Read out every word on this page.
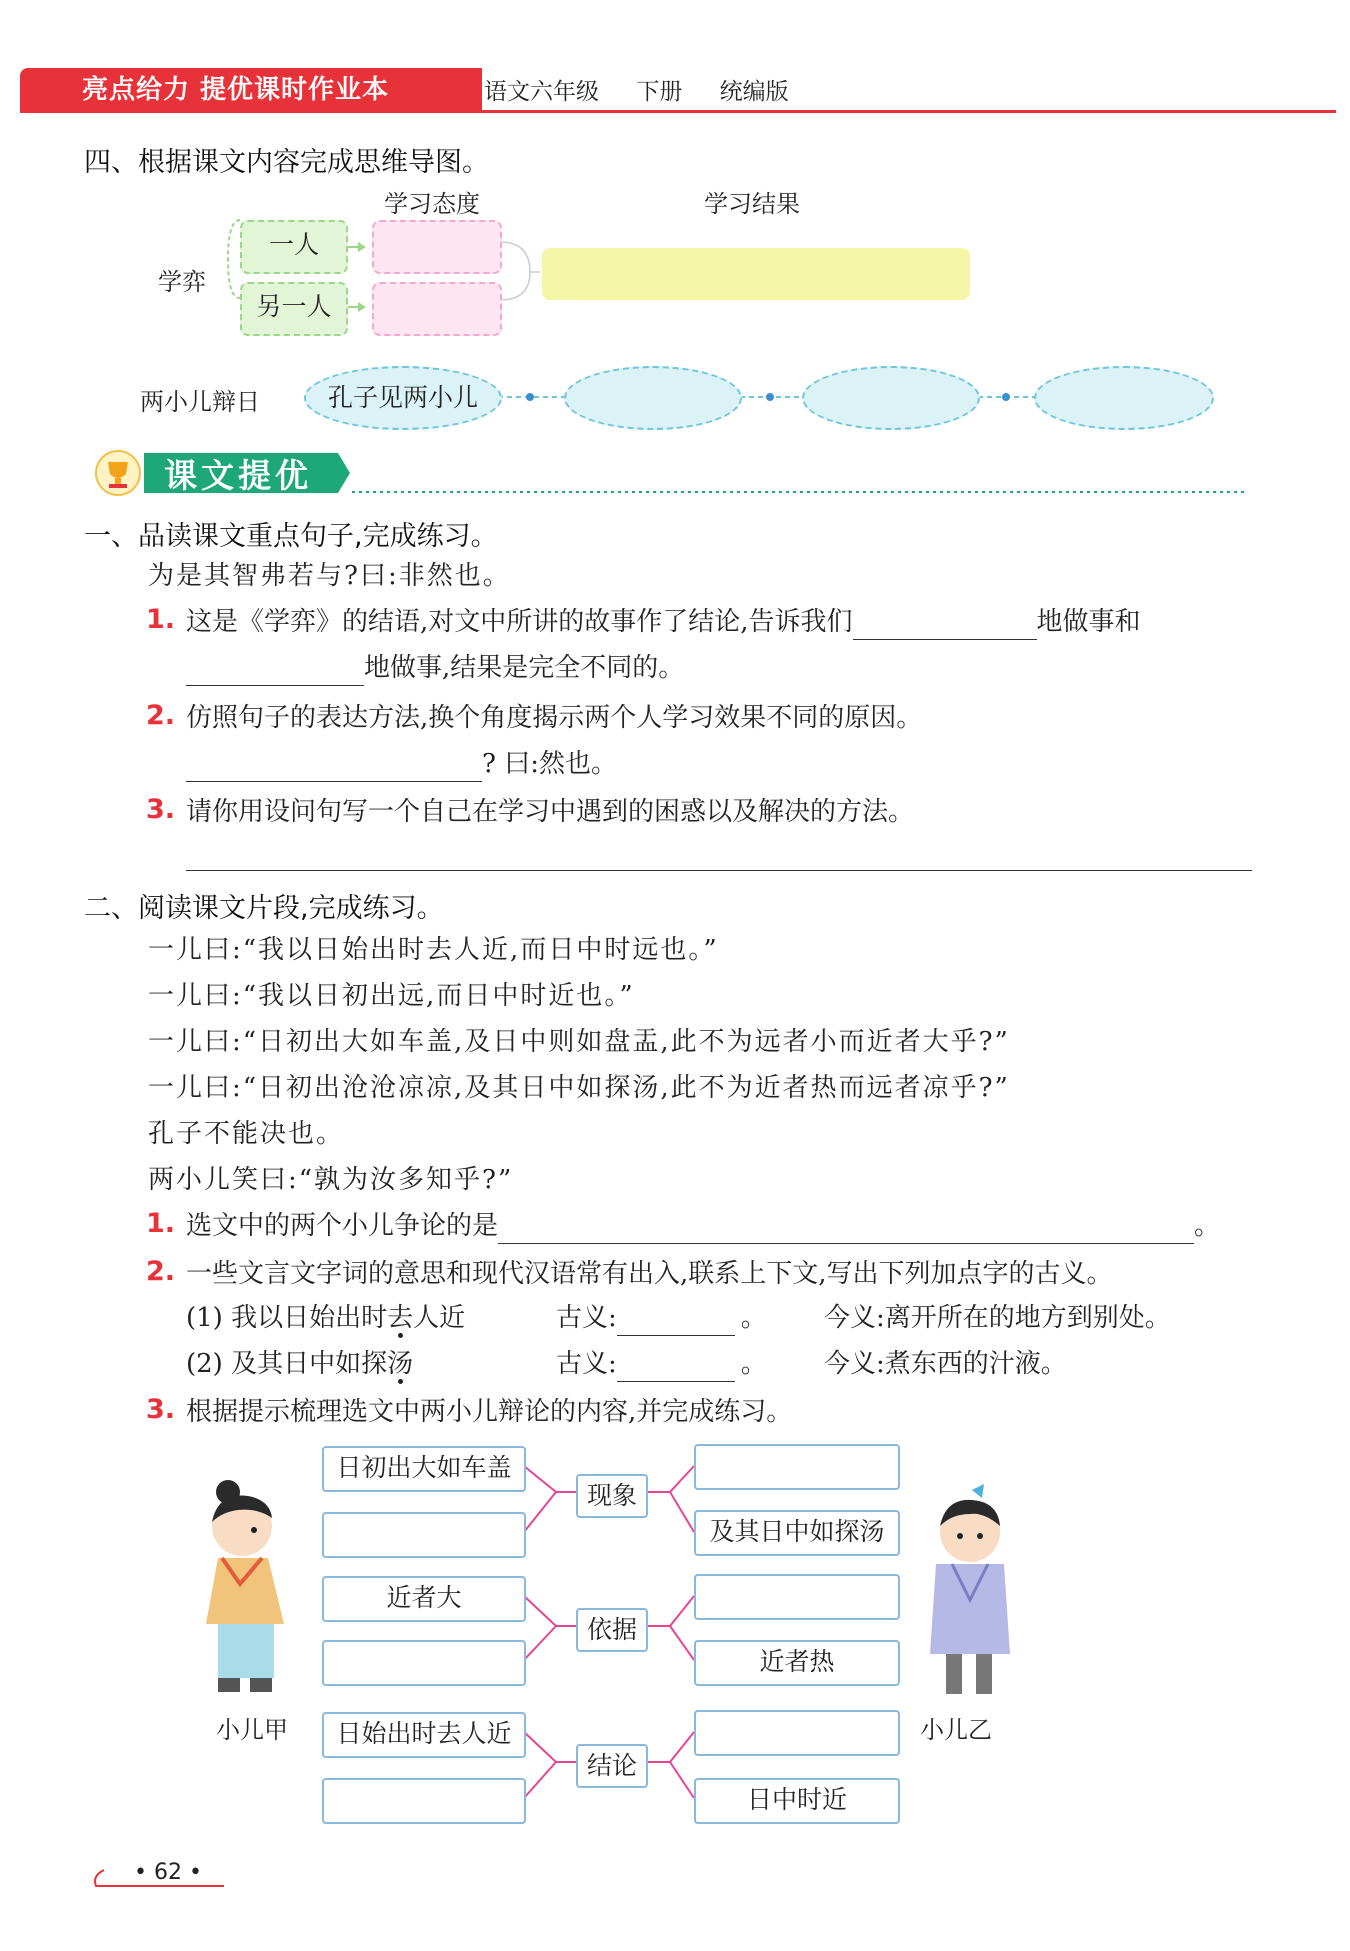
亮点给力 提优课时作业本	语文六年级 下册 统编版
四、根据课文内容完成思维导图。
学习态度	学习结果
学弈
一人
另一人
两小儿辩日	孔子见两小儿
课文提优
一、品读课文重点句子,完成练习。
为是其智弗若与?曰:非然也。
1. 这是《学弈》的结语,对文中所讲的故事作了结论,告诉我们	地做事和
地做事,结果是完全不同的。
2. 仿照句子的表达方法,换个角度揭示两个人学习效果不同的原因。
? 曰:然也。
3. 请你用设问句写一个自己在学习中遇到的困惑以及解决的方法。
二、阅读课文片段,完成练习。
一儿曰:“我以日始出时去人近,而日中时远也。”
一儿曰:“我以日初出远,而日中时近也。”
一儿曰:“日初出大如车盖,及日中则如盘盂,此不为远者小而近者大乎?”
一儿曰:“日初出沧沧凉凉,及其日中如探汤,此不为近者热而远者凉乎?”
孔子不能决也。
两小儿笑曰:“孰为汝多知乎?”
1. 选文中的两个小儿争论的是	。
2. 一些文言文字词的意思和现代汉语常有出入,联系上下文,写出下列加点字的古义。
(1) 我以日始出时去
人近	古义:	。 今义:离开所在的地方到别处。
(2) 及其日中如探汤	古义:	。 今义:煮东西的汁液。
3. 根据提示梳理选文中两小儿辩论的内容,并完成练习。
日初出大如车盖
近者大
日始出时去人近
现象
依据
结论
及其日中如探汤
近者热
日中时近
小儿甲	小儿乙
• 62 •
